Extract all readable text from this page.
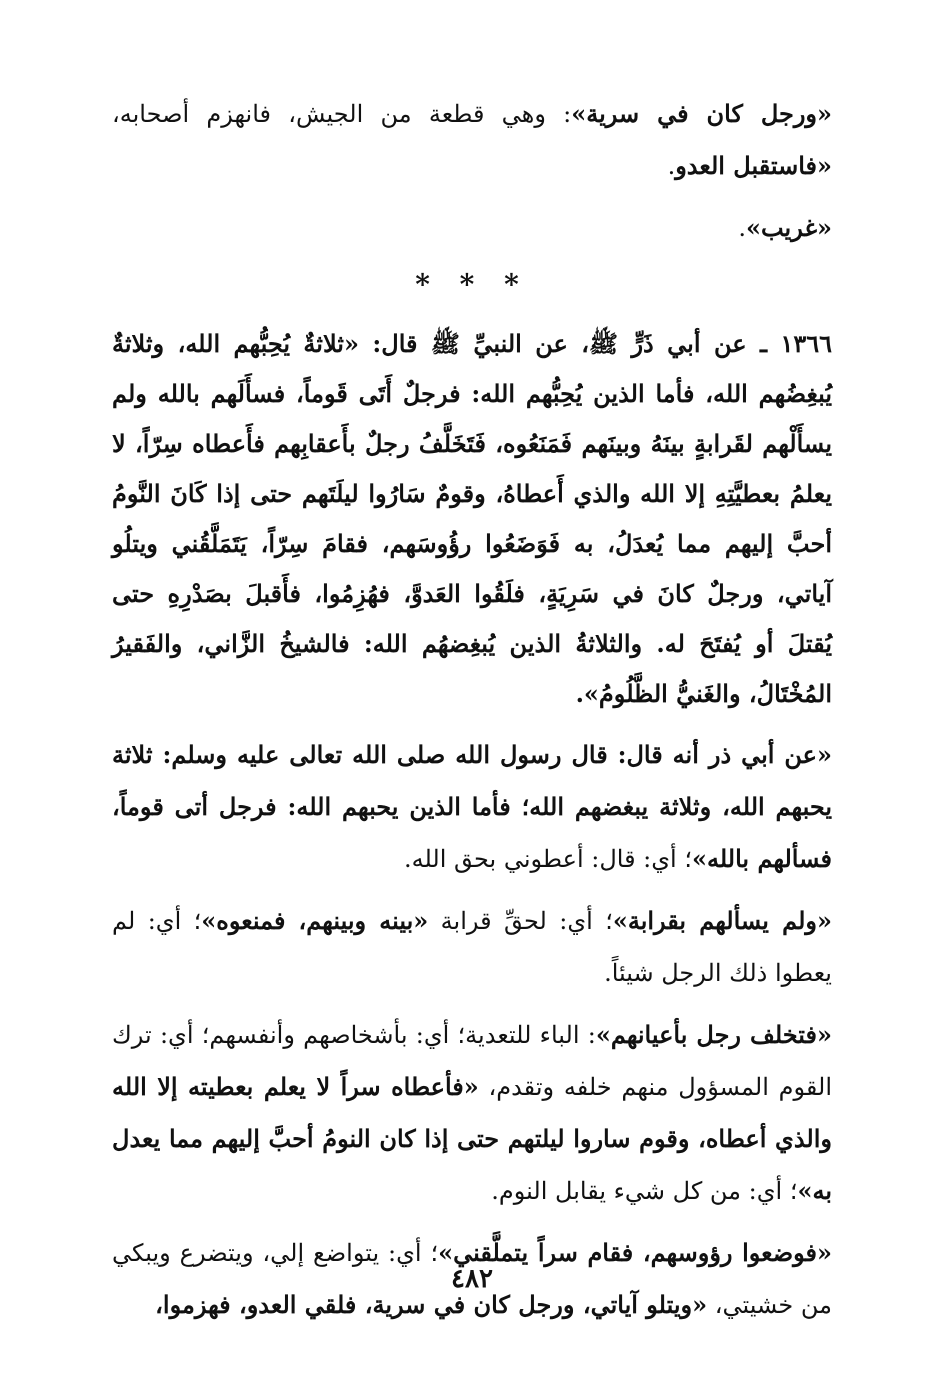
«ورجل كان في سرية»: وهي قطعة من الجيش، فانهزم أصحابه، «فاستقبل العدو.

«غريب».

* * *

١٣٦٦ ـ عن أبي ذَرٍّ ﷺ، عن النبيِّ ﷺ قال: «ثلاثةٌ يُحِبُّهم الله، وثلاثةٌ يُبغِضُهم الله، فأما الذين يُحِبُّهم الله: فرجلٌ أَتَى قَوماً، فسأَلَهم بالله ولم يسأَلْهم لقَرابةٍ بينَهُ وبينَهم فَمَنَعُوه، فَتَخَلَّفُ رجلٌ بأَعقابِهم فأَعطاه سِرّاً، لا يعلمُ بعطيَّتِهِ إلا الله والذي أَعطاهُ، وقومٌ سَارُوا ليلَتَهم حتى إذا كَانَ النَّومُ أحبَّ إليهم مما يُعدَلُ، به فَوَضَعُوا رؤُوسَهم، فقامَ سِرّاً، يَتَمَلَّقُني ويتلُو آياتي، ورجلٌ كانَ في سَرِيَةٍ، فلَقُوا العَدوَّ، فهُزِمُوا، فأَقبلَ بصَدْرِهِ حتى يُقتلَ أو يُفتَحَ له. والثلاثةُ الذين يُبغِضهُم الله: فالشيخُ الزَّاني، والفَقيرُ المُخْتَالُ، والغَنيُّ الظَّلُومُ».

«عن أبي ذر أنه قال: قال رسول الله صلى الله تعالى عليه وسلم: ثلاثة يحبهم الله، وثلاثة يبغضهم الله؛ فأما الذين يحبهم الله: فرجل أتى قوماً، فسألهم بالله»؛ أي: قال: أعطوني بحق الله.

«ولم يسألهم بقرابة»؛ أي: لحقِّ قرابة «بينه وبينهم، فمنعوه»؛ أي: لم يعطوا ذلك الرجل شيئاً.

«فتخلف رجل بأعيانهم»: الباء للتعدية؛ أي: بأشخاصهم وأنفسهم؛ أي: ترك القوم المسؤول منهم خلفه وتقدم، «فأعطاه سراً لا يعلم بعطيته إلا الله والذي أعطاه، وقوم ساروا ليلتهم حتى إذا كان النومُ أحبَّ إليهم مما يعدل به»؛ أي: من كل شيء يقابل النوم.

«فوضعوا رؤوسهم، فقام سراً يتملَّقني»؛ أي: يتواضع إلي، ويتضرع ويبكي من خشيتي، «ويتلو آياتي، ورجل كان في سرية، فلقي العدو، فهزموا،

٤٨٢
